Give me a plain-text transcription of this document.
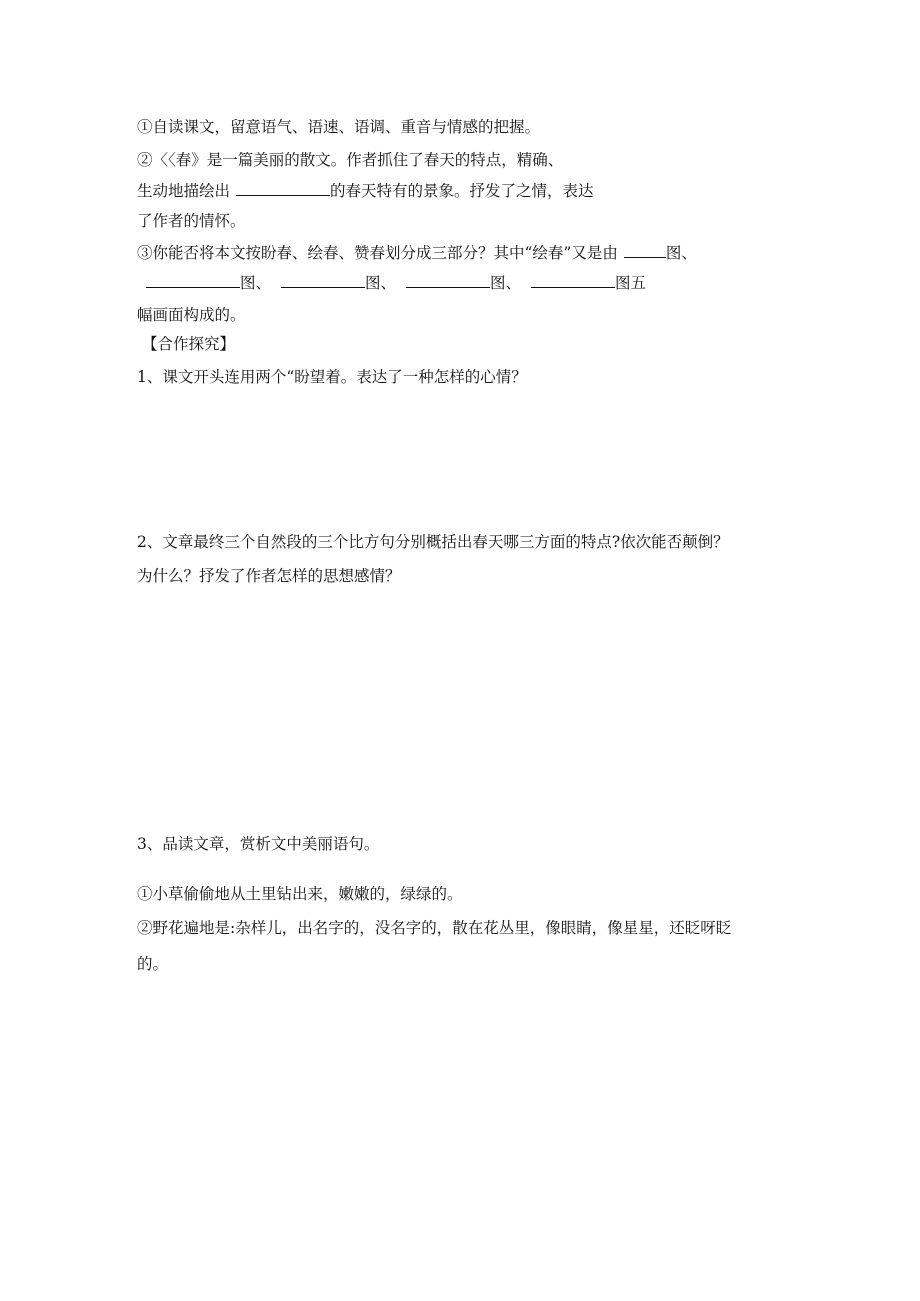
①自读课文，留意语气、语速、语调、重音与情感的把握。
②〈〈春》是一篇美丽的散文。作者抓住了春天的特点，精确、
生动地描绘出	的春天特有的景象。抒发了之情，表达
了作者的情怀。
③你能否将本文按盼春、绘春、赞春划分成三部分？其中“绘春”又是由	图、
图、	图、	图、	图五
幅画面构成的。
【合作探究】
1、课文开头连用两个“盼望着。表达了一种怎样的心情？
2、文章最终三个自然段的三个比方句分别概括出春天哪三方面的特点?依次能否颠倒？
为什么？抒发了作者怎样的思想感情？
3、品读文章，赏析文中美丽语句。
①小草偷偷地从土里钻出来，嫩嫩的，绿绿的。
②野花遍地是:杂样儿，出名字的，没名字的，散在花丛里，像眼睛，像星星，还眨呀眨
的。
